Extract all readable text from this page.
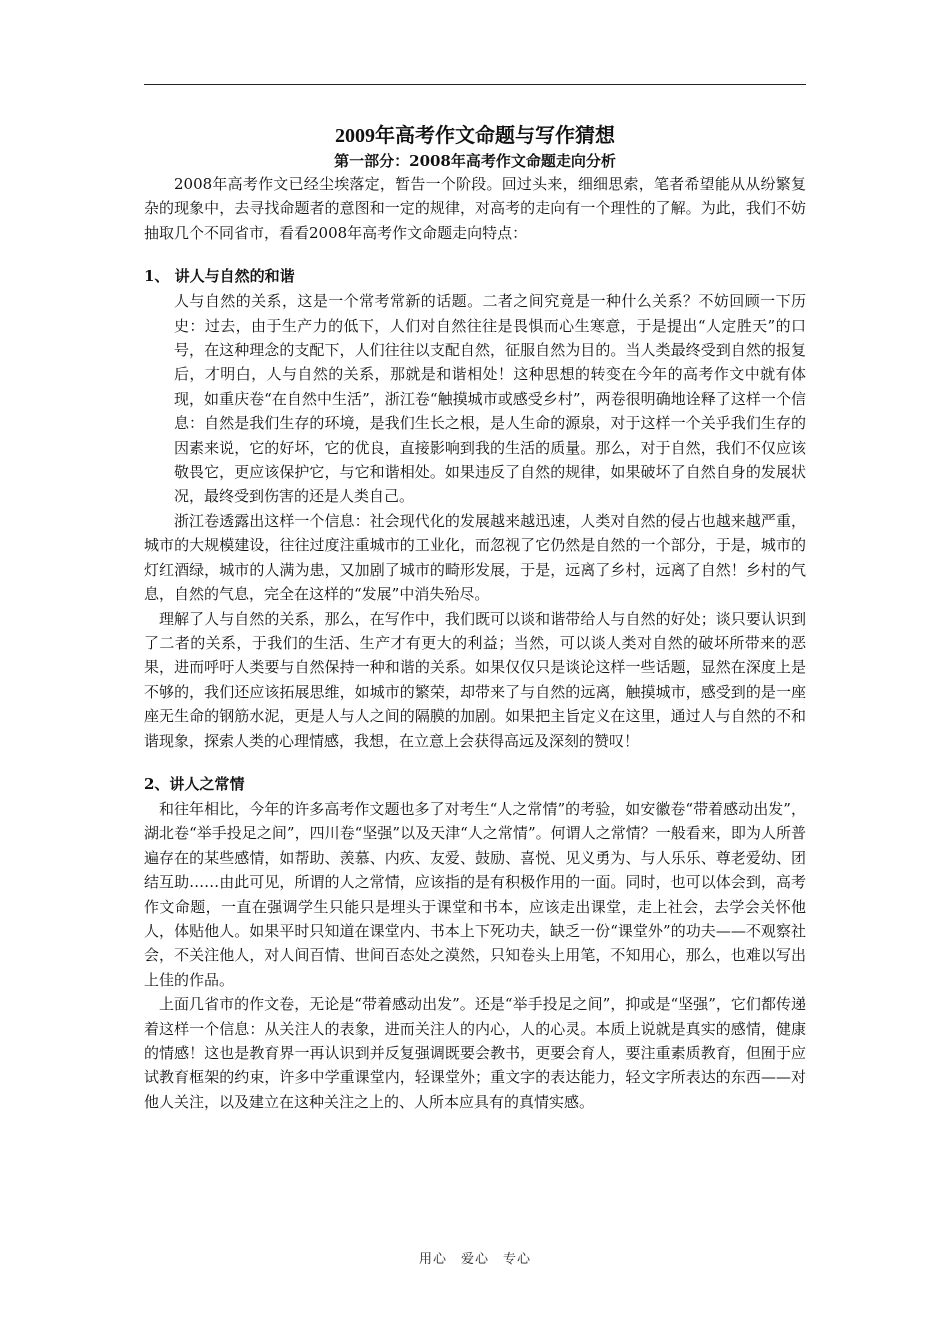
2009年高考作文命题与写作猜想
第一部分：2008年高考作文命题走向分析

2008年高考作文已经尘埃落定，暂告一个阶段。回过头来，细细思索，笔者希望能从从纷繁复杂的现象中，去寻找命题者的意图和一定的规律，对高考的走向有一个理性的了解。为此，我们不妨抽取几个不同省市，看看2008年高考作文命题走向特点：

1、 讲人与自然的和谐

人与自然的关系，这是一个常考常新的话题。二者之间究竟是一种什么关系？不妨回顾一下历史：过去，由于生产力的低下，人们对自然往往是畏惧而心生寒意，于是提出“人定胜天”的口号，在这种理念的支配下，人们往往以支配自然，征服自然为目的。当人类最终受到自然的报复后，才明白，人与自然的关系，那就是和谐相处！这种思想的转变在今年的高考作文中就有体现，如重庆卷“在自然中生活”，浙江卷“触摸城市或感受乡村”，两卷很明确地诠释了这样一个信息：自然是我们生存的环境，是我们生长之根，是人生命的源泉，对于这样一个关乎我们生存的因素来说，它的好坏，它的优良，直接影响到我的生活的质量。那么，对于自然，我们不仅应该敬畏它，更应该保护它，与它和谐相处。如果违反了自然的规律，如果破坏了自然自身的发展状况，最终受到伤害的还是人类自己。

浙江卷透露出这样一个信息：社会现代化的发展越来越迅速，人类对自然的侵占也越来越严重，城市的大规模建设，往往过度注重城市的工业化，而忽视了它仍然是自然的一个部分，于是，城市的灯红酒绿，城市的人满为患，又加剧了城市的畸形发展，于是，远离了乡村，远离了自然！乡村的气息，自然的气息，完全在这样的“发展”中消失殆尽。

理解了人与自然的关系，那么，在写作中，我们既可以谈和谐带给人与自然的好处；谈只要认识到了二者的关系，于我们的生活、生产才有更大的利益；当然，可以谈人类对自然的破坏所带来的恶果，进而呼吁人类要与自然保持一种和谐的关系。如果仅仅只是谈论这样一些话题，显然在深度上是不够的，我们还应该拓展思维，如城市的繁荣，却带来了与自然的远离，触摸城市，感受到的是一座座无生命的钢筋水泥，更是人与人之间的隔膜的加剧。如果把主旨定义在这里，通过人与自然的不和谐现象，探索人类的心理情感，我想，在立意上会获得高远及深刻的赞叹！

2、讲人之常情

和往年相比，今年的许多高考作文题也多了对考生“人之常情”的考验，如安徽卷“带着感动出发”，湖北卷“举手投足之间”，四川卷“坚强”以及天津“人之常情”。何谓人之常情？一般看来，即为人所普遍存在的某些感情，如帮助、羡慕、内疚、友爱、鼓励、喜悦、见义勇为、与人乐乐、尊老爱幼、团结互助……由此可见，所谓的人之常情，应该指的是有积极作用的一面。同时，也可以体会到，高考作文命题，一直在强调学生只能只是埋头于课堂和书本，应该走出课堂，走上社会，去学会关怀他人，体贴他人。如果平时只知道在课堂内、书本上下死功夫，缺乏一份“课堂外”的功夫——不观察社会，不关注他人，对人间百情、世间百态处之漠然，只知卷头上用笔，不知用心，那么，也难以写出上佳的作品。

上面几省市的作文卷，无论是“带着感动出发”。还是“举手投足之间”，抑或是“坚强”，它们都传递着这样一个信息：从关注人的表象，进而关注人的内心，人的心灵。本质上说就是真实的感情，健康的情感！这也是教育界一再认识到并反复强调既要会教书，更要会育人，要注重素质教育，但囿于应试教育框架的约束，许多中学重课堂内，轻课堂外；重文字的表达能力，轻文字所表达的东西——对他人关注，以及建立在这种关注之上的、人所本应具有的真情实感。

用心　爱心　专心
